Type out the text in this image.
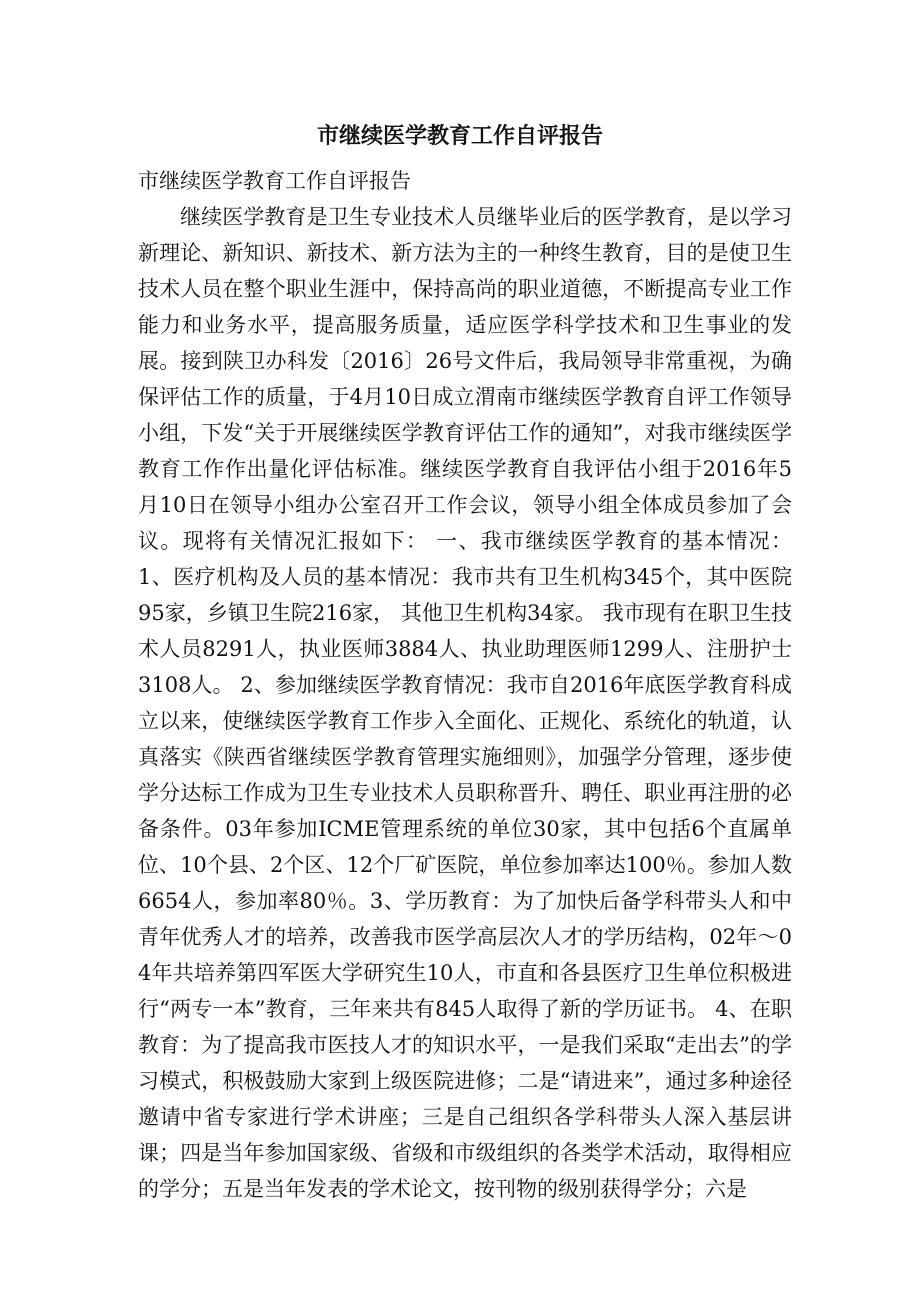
市继续医学教育工作自评报告

市继续医学教育工作自评报告

继续医学教育是卫生专业技术人员继毕业后的医学教育，是以学习新理论、新知识、新技术、新方法为主的一种终生教育，目的是使卫生技术人员在整个职业生涯中，保持高尚的职业道德，不断提高专业工作能力和业务水平，提高服务质量，适应医学科学技术和卫生事业的发展。接到陕卫办科发〔2016〕26号文件后，我局领导非常重视，为确保评估工作的质量，于4月10日成立渭南市继续医学教育自评工作领导小组，下发“关于开展继续医学教育评估工作的通知”，对我市继续医学教育工作作出量化评估标准。继续医学教育自我评估小组于2016年5月10日在领导小组办公室召开工作会议，领导小组全体成员参加了会议。现将有关情况汇报如下： 一、我市继续医学教育的基本情况： 1、医疗机构及人员的基本情况：我市共有卫生机构345个，其中医院95家，乡镇卫生院216家， 其他卫生机构34家。 我市现有在职卫生技术人员8291人，执业医师3884人、执业助理医师1299人、注册护士3108人。 2、参加继续医学教育情况：我市自2016年底医学教育科成立以来，使继续医学教育工作步入全面化、正规化、系统化的轨道，认真落实《陕西省继续医学教育管理实施细则》，加强学分管理，逐步使学分达标工作成为卫生专业技术人员职称晋升、聘任、职业再注册的必备条件。03年参加ICME管理系统的单位30家，其中包括6个直属单位、10个县、2个区、12个厂矿医院，单位参加率达100％。参加人数6654人，参加率80％。3、学历教育：为了加快后备学科带头人和中青年优秀人才的培养，改善我市医学高层次人才的学历结构，02年～04年共培养第四军医大学研究生10人，市直和各县医疗卫生单位积极进行“两专一本”教育，三年来共有845人取得了新的学历证书。 4、在职教育：为了提高我市医技人才的知识水平，一是我们采取“走出去”的学习模式，积极鼓励大家到上级医院进修；二是“请进来”，通过多种途径邀请中省专家进行学术讲座；三是自己组织各学科带头人深入基层讲课；四是当年参加国家级、省级和市级组织的各类学术活动，取得相应的学分；五是当年发表的学术论文，按刊物的级别获得学分；六是
